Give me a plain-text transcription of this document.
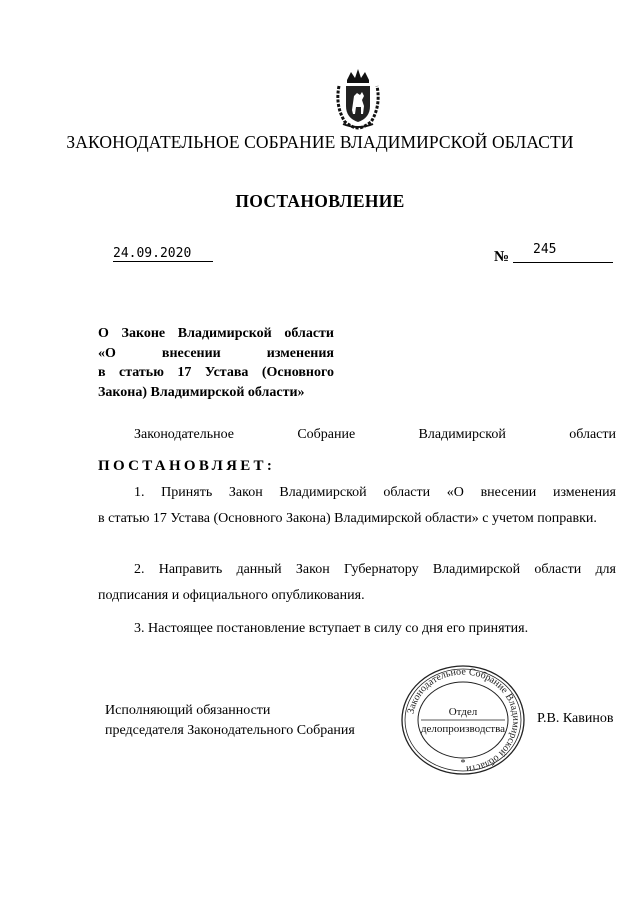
ЗАКОНОДАТЕЛЬНОЕ СОБРАНИЕ ВЛАДИМИРСКОЙ ОБЛАСТИ
ПОСТАНОВЛЕНИЕ
24.09.2020	№ 245
О Законе Владимирской области
«О внесении изменения
в статью 17 Устава (Основного
Закона) Владимирской области»
Законодательное	Собрание	Владимирской	области
ПОСТАНОВЛЯЕТ:
1. Принять Закон Владимирской области «О внесении изменения
в статью 17 Устава (Основного Закона) Владимирской области» с учетом поправки.
2. Направить данный Закон Губернатору Владимирской области для
подписания и официального опубликования.
3. Настоящее постановление вступает в силу со дня его принятия.
Исполняющий обязанности
председателя Законодательного Собрания
Законодательное Собрание Владимирской области
Отдел
делопроизводства
*
Р.В. Кавинов
